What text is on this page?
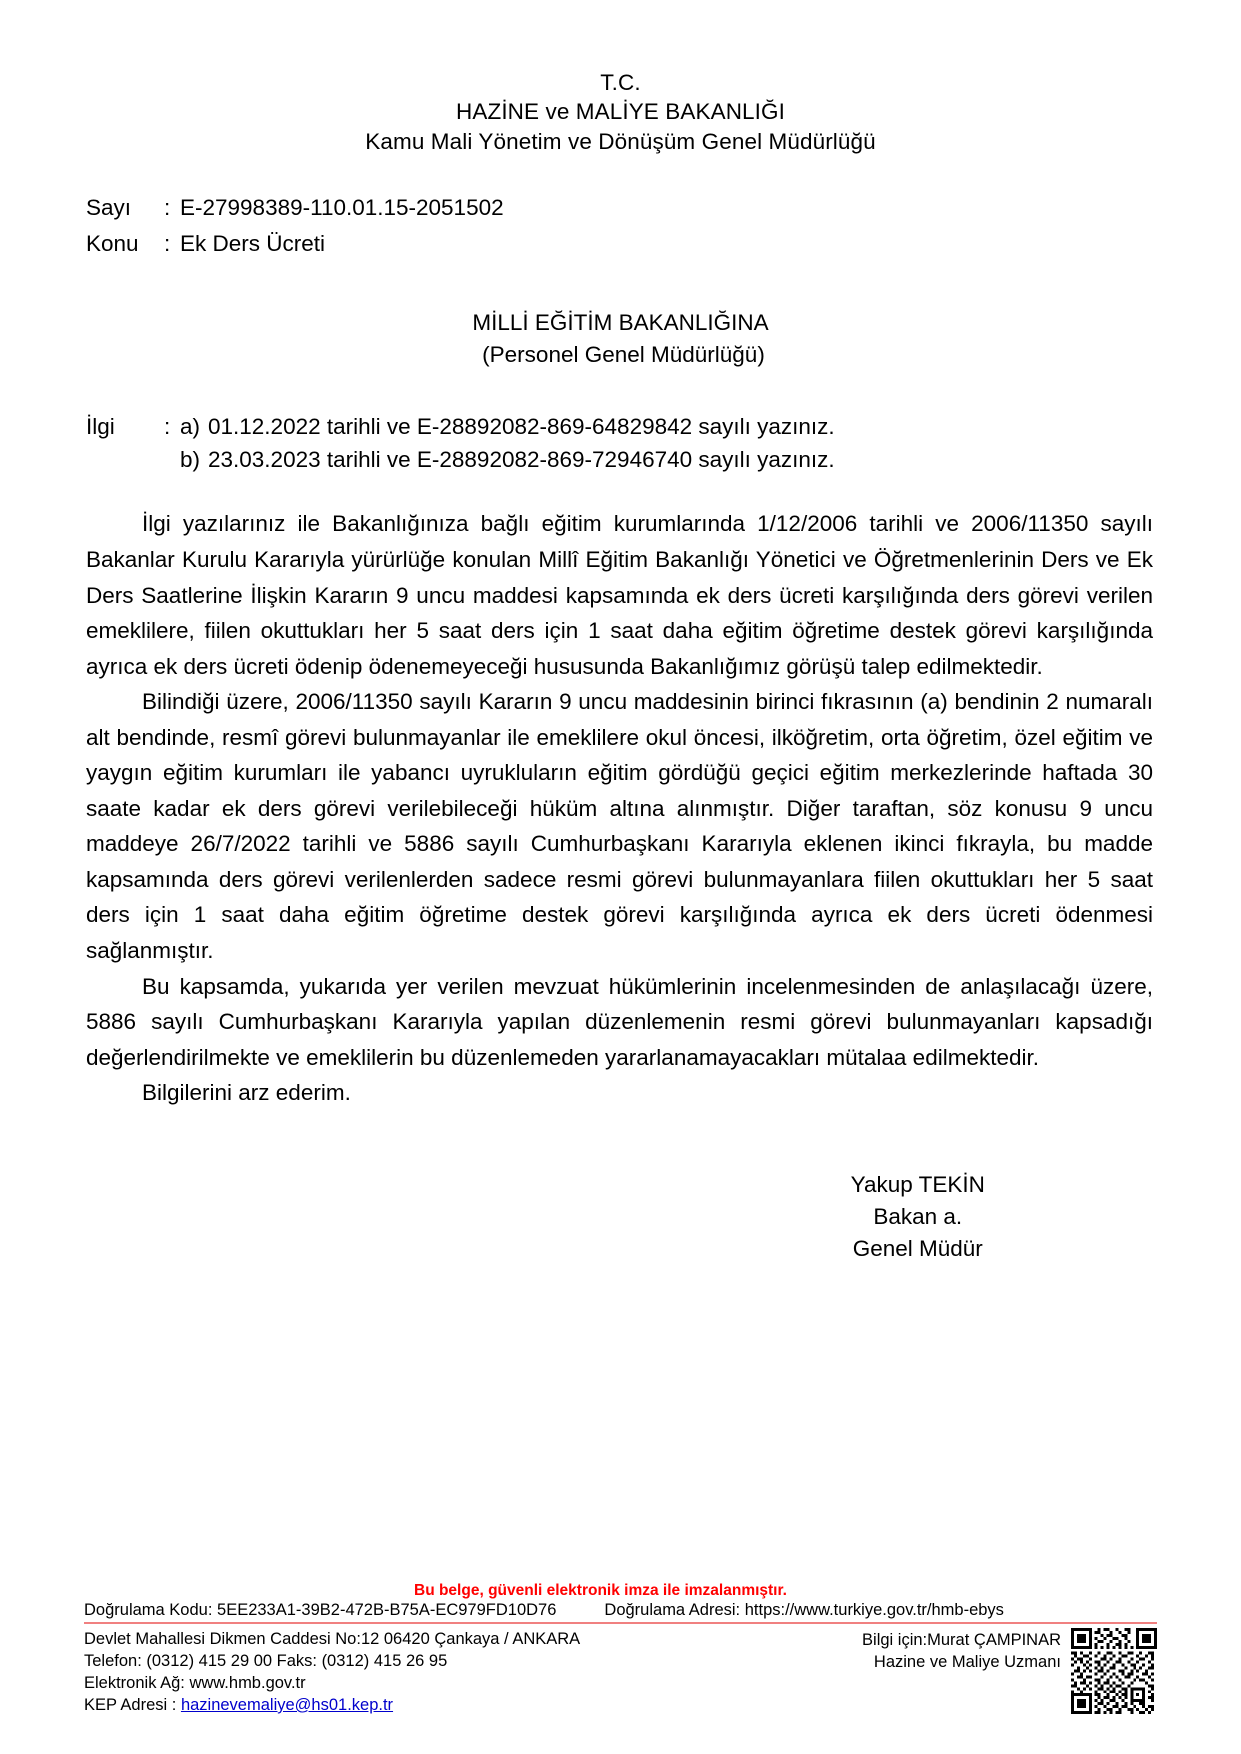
T.C.
HAZİNE ve MALİYE BAKANLIĞI
Kamu Mali Yönetim ve Dönüşüm Genel Müdürlüğü
Sayı	: E-27998389-110.01.15-2051502
Konu	: Ek Ders Ücreti
MİLLİ EĞİTİM BAKANLIĞINA
(Personel Genel Müdürlüğü)
İlgi	: a) 01.12.2022 tarihli ve E-28892082-869-64829842 sayılı yazınız.
b) 23.03.2023 tarihli ve E-28892082-869-72946740 sayılı yazınız.

İlgi yazılarınız ile Bakanlığınıza bağlı eğitim kurumlarında 1/12/2006 tarihli ve 2006/11350 sayılı Bakanlar Kurulu Kararıyla yürürlüğe konulan Millî Eğitim Bakanlığı Yönetici ve Öğretmenlerinin Ders ve Ek Ders Saatlerine İlişkin Kararın 9 uncu maddesi kapsamında ek ders ücreti karşılığında ders görevi verilen emeklilere, fiilen okuttukları her 5 saat ders için 1 saat daha eğitim öğretime destek görevi karşılığında ayrıca ek ders ücreti ödenip ödenemeyeceği hususunda Bakanlığımız görüşü talep edilmektedir.

Bilindiği üzere, 2006/11350 sayılı Kararın 9 uncu maddesinin birinci fıkrasının (a) bendinin 2 numaralı alt bendinde, resmî görevi bulunmayanlar ile emeklilere okul öncesi, ilköğretim, orta öğretim, özel eğitim ve yaygın eğitim kurumları ile yabancı uyrukluların eğitim gördüğü geçici eğitim merkezlerinde haftada 30 saate kadar ek ders görevi verilebileceği hüküm altına alınmıştır. Diğer taraftan, söz konusu 9 uncu maddeye 26/7/2022 tarihli ve 5886 sayılı Cumhurbaşkanı Kararıyla eklenen ikinci fıkrayla, bu madde kapsamında ders görevi verilenlerden sadece resmi görevi bulunmayanlara fiilen okuttukları her 5 saat ders için 1 saat daha eğitim öğretime destek görevi karşılığında ayrıca ek ders ücreti ödenmesi sağlanmıştır.

Bu kapsamda, yukarıda yer verilen mevzuat hükümlerinin incelenmesinden de anlaşılacağı üzere, 5886 sayılı Cumhurbaşkanı Kararıyla yapılan düzenlemenin resmi görevi bulunmayanları kapsadığı değerlendirilmekte ve emeklilerin bu düzenlemeden yararlanamayacakları mütalaa edilmektedir.

Bilgilerini arz ederim.

Yakup TEKİN
Bakan a.
Genel Müdür
Bu belge, güvenli elektronik imza ile imzalanmıştır.
Doğrulama Kodu: 5EE233A1-39B2-472B-B75A-EC979FD10D76	Doğrulama Adresi: https://www.turkiye.gov.tr/hmb-ebys
Devlet Mahallesi Dikmen Caddesi No:12 06420 Çankaya / ANKARA
Telefon: (0312) 415 29 00 Faks: (0312) 415 26 95
Elektronik Ağ: www.hmb.gov.tr
KEP Adresi : hazinevemaliye@hs01.kep.tr
Bilgi için:Murat ÇAMPINAR
Hazine ve Maliye Uzmanı
